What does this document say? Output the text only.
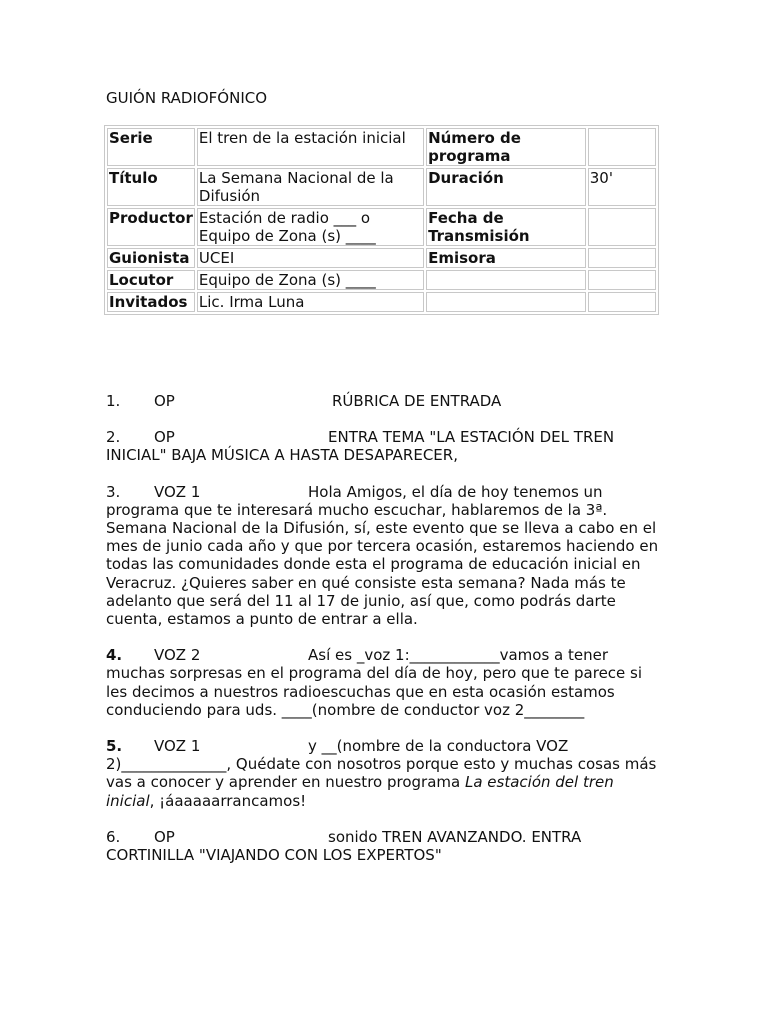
GUIÓN RADIOFÓNICO
Serie	El tren de la estación inicial	Número de programa	
Título	La Semana Nacional de la Difusión	Duración	30'
Productor	Estación de radio ___ o Equipo de Zona (s) ____	Fecha de Transmisión	
Guionista	UCEI	Emisora	
Locutor	Equipo de Zona (s) ____		
Invitados	Lic. Irma Luna		

1. OP	RÚBRICA DE ENTRADA

2. OP	ENTRA TEMA "LA ESTACIÓN DEL TREN INICIAL" BAJA MÚSICA A HASTA DESAPARECER,

3. VOZ 1	Hola Amigos, el día de hoy tenemos un programa que te interesará mucho escuchar, hablaremos de la 3ª. Semana Nacional de la Difusión, sí, este evento que se lleva a cabo en el mes de junio cada año y que por tercera ocasión, estaremos haciendo en todas las comunidades donde esta el programa de educación inicial en Veracruz. ¿Quieres saber en qué consiste esta semana? Nada más te adelanto que será del 11 al 17 de junio, así que, como podrás darte cuenta, estamos a punto de entrar a ella.

4. VOZ 2	Así es _voz 1:____________vamos a tener muchas sorpresas en el programa del día de hoy, pero que te parece si les decimos a nuestros radioescuchas que en esta ocasión estamos conduciendo para uds. ____(nombre de conductor voz 2________

5. VOZ 1	y __(nombre de la conductora VOZ 2)______________, Quédate con nosotros porque esto y muchas cosas más vas a conocer y aprender en nuestro programa La estación del tren inicial, ¡áaaaaarrancamos!

6. OP	sonido TREN AVANZANDO. ENTRA CORTINILLA "VIAJANDO CON LOS EXPERTOS"
